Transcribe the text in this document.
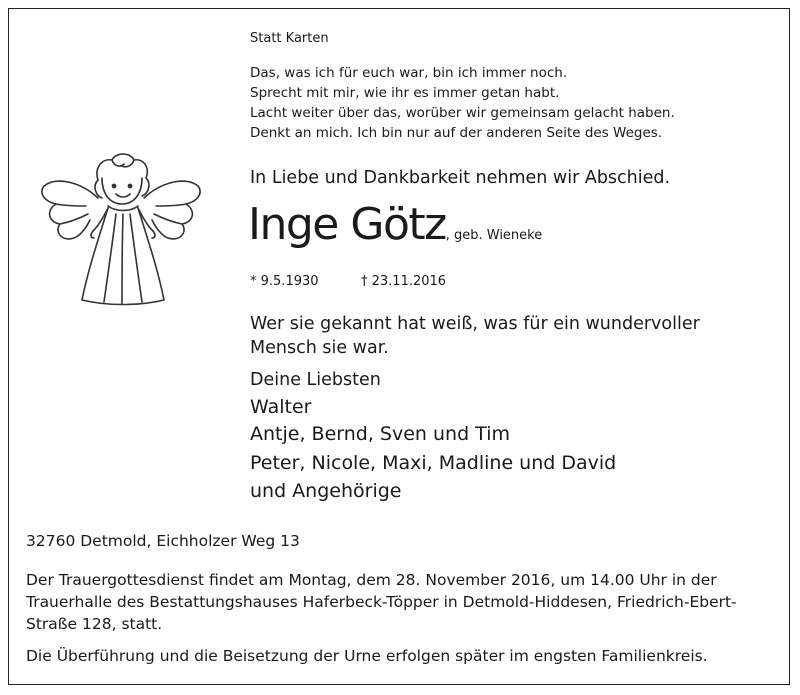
Statt Karten
Das, was ich für euch war, bin ich immer noch.
Sprecht mit mir, wie ihr es immer getan habt.
Lacht weiter über das, worüber wir gemeinsam gelacht haben.
Denkt an mich. Ich bin nur auf der anderen Seite des Weges.
In Liebe und Dankbarkeit nehmen wir Abschied.
Inge Götz, geb. Wieneke
* 9.5.1930	† 23.11.2016
Wer sie gekannt hat weiß, was für ein wundervoller
Mensch sie war.
Deine Liebsten
Walter
Antje, Bernd, Sven und Tim
Peter, Nicole, Maxi, Madline und David
und Angehörige
32760 Detmold, Eichholzer Weg 13
Der Trauergottesdienst findet am Montag, dem 28. November 2016, um 14.00 Uhr in der
Trauerhalle des Bestattungshauses Haferbeck-Töpper in Detmold-Hiddesen, Friedrich-Ebert-
Straße 128, statt.
Die Überführung und die Beisetzung der Urne erfolgen später im engsten Familienkreis.
